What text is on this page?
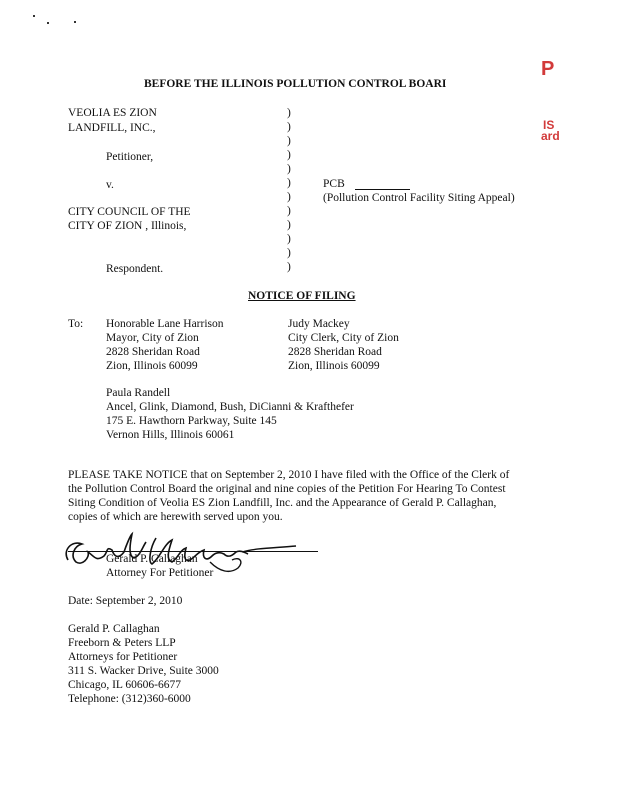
BEFORE THE ILLINOIS POLLUTION CONTROL BOARI
P
IS
ard
VEOLIA ES ZION
LANDFILL, INC.,
Petitioner,
v.
CITY COUNCIL OF THE
CITY OF ZION , Illinois,
Respondent.
)
)
)
)
)
)
)
)
)
)
)
)
PCB
(Pollution Control Facility Siting Appeal)
NOTICE OF FILING
To: Honorable Lane Harrison
Mayor, City of Zion
2828 Sheridan Road
Zion, Illinois 60099
Judy Mackey
City Clerk, City of Zion
2828 Sheridan Road
Zion, Illinois 60099
Paula Randell
Ancel, Glink, Diamond, Bush, DiCianni & Krafthefer
175 E. Hawthorn Parkway, Suite 145
Vernon Hills, Illinois 60061
PLEASE TAKE NOTICE that on September 2, 2010 I have filed with the Office of the Clerk of
the Pollution Control Board the original and nine copies of the Petition For Hearing To Contest
Siting Condition of Veolia ES Zion Landfill, Inc. and the Appearance of Gerald P. Callaghan,
copies of which are herewith served upon you.
Gerald P. Callaghan
Attorney For Petitioner
Date: September 2, 2010
Gerald P. Callaghan
Freeborn & Peters LLP
Attorneys for Petitioner
311 S. Wacker Drive, Suite 3000
Chicago, IL 60606-6677
Telephone: (312)360-6000
